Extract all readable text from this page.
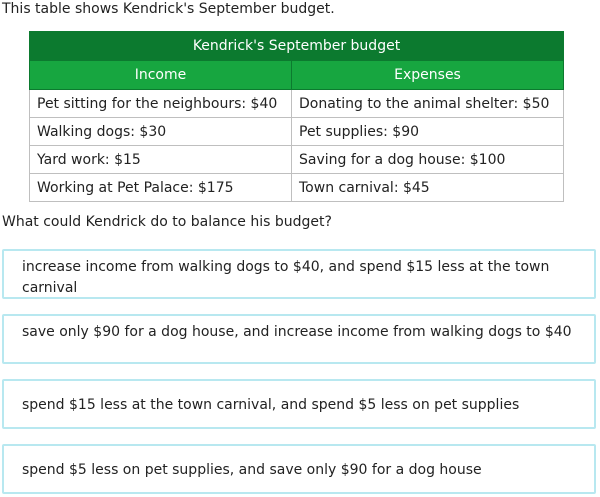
This table shows Kendrick's September budget.

Kendrick's September budget	
Income	Expenses
Pet sitting for the neighbours: $40	Donating to the animal shelter: $50
Walking dogs: $30	Pet supplies: $90
Yard work: $15	Saving for a dog house: $100
Working at Pet Palace: $175	Town carnival: $45

What could Kendrick do to balance his budget?

increase income from walking dogs to $40, and spend $15 less at the town carnival
save only $90 for a dog house, and increase income from walking dogs to $40
spend $15 less at the town carnival, and spend $5 less on pet supplies
spend $5 less on pet supplies, and save only $90 for a dog house
